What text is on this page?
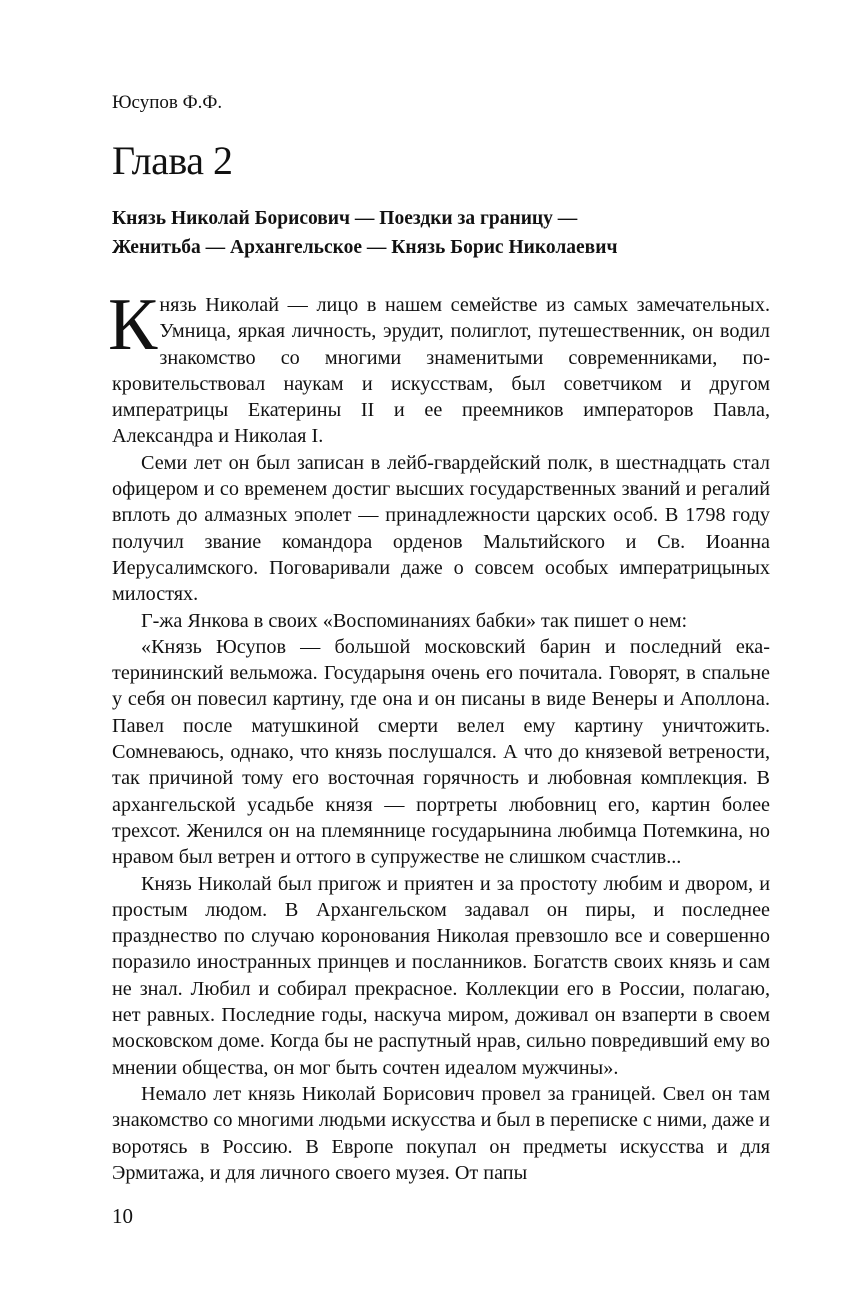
Юсупов Ф.Ф.

Глава 2
Князь Николай Борисович — Поездки за границу —
Женитьба — Архангельское — Князь Борис Николаевич

Князь Николай — лицо в нашем семействе из самых замечательных. Умница, яркая личность, эрудит, полиглот, путешественник, он водил знакомство со многими знаменитыми современниками, покровительствовал наукам и искусствам, был советчиком и другом императрицы Екатерины II и ее преемников императоров Павла, Александра и Николая I.

Семи лет он был записан в лейб-гвардейский полк, в шестнадцать стал офицером и со временем достиг высших государственных званий и регалий вплоть до алмазных эполет — принадлежности царских особ. В 1798 году получил звание командора орденов Мальтийского и Св. Иоанна Иерусалимского. Поговаривали даже о совсем особых императрицыных милостях.

Г-жа Янкова в своих «Воспоминаниях бабки» так пишет о нем:

«Князь Юсупов — большой московский барин и последний екатерининский вельможа. Государыня очень его почитала. Говорят, в спальне у себя он повесил картину, где она и он писаны в виде Венеры и Аполлона. Павел после матушкиной смерти велел ему картину уничтожить. Сомневаюсь, однако, что князь послушался. А что до князевой ветрености, так причиной тому его восточная горячность и любовная комплекция. В архангельской усадьбе князя — портреты любовниц его, картин более трехсот. Женился он на племяннице государынина любимца Потемкина, но нравом был ветрен и оттого в супружестве не слишком счастлив...

Князь Николай был пригож и приятен и за простоту любим и двором, и простым людом. В Архангельском задавал он пиры, и последнее празднество по случаю коронования Николая превзошло все и совершенно поразило иностранных принцев и посланников. Богатств своих князь и сам не знал. Любил и собирал прекрасное. Коллекции его в России, полагаю, нет равных. Последние годы, наскучa миром, доживал он взаперти в своем московском доме. Когда бы не распутный нрав, сильно повредивший ему во мнении общества, он мог быть сочтен идеалом мужчины».

Немало лет князь Николай Борисович провел за границей. Свел он там знакомство со многими людьми искусства и был в переписке с ними, даже и воротясь в Россию. В Европе покупал он предметы искусства и для Эрмитажа, и для личного своего музея. От папы

10
